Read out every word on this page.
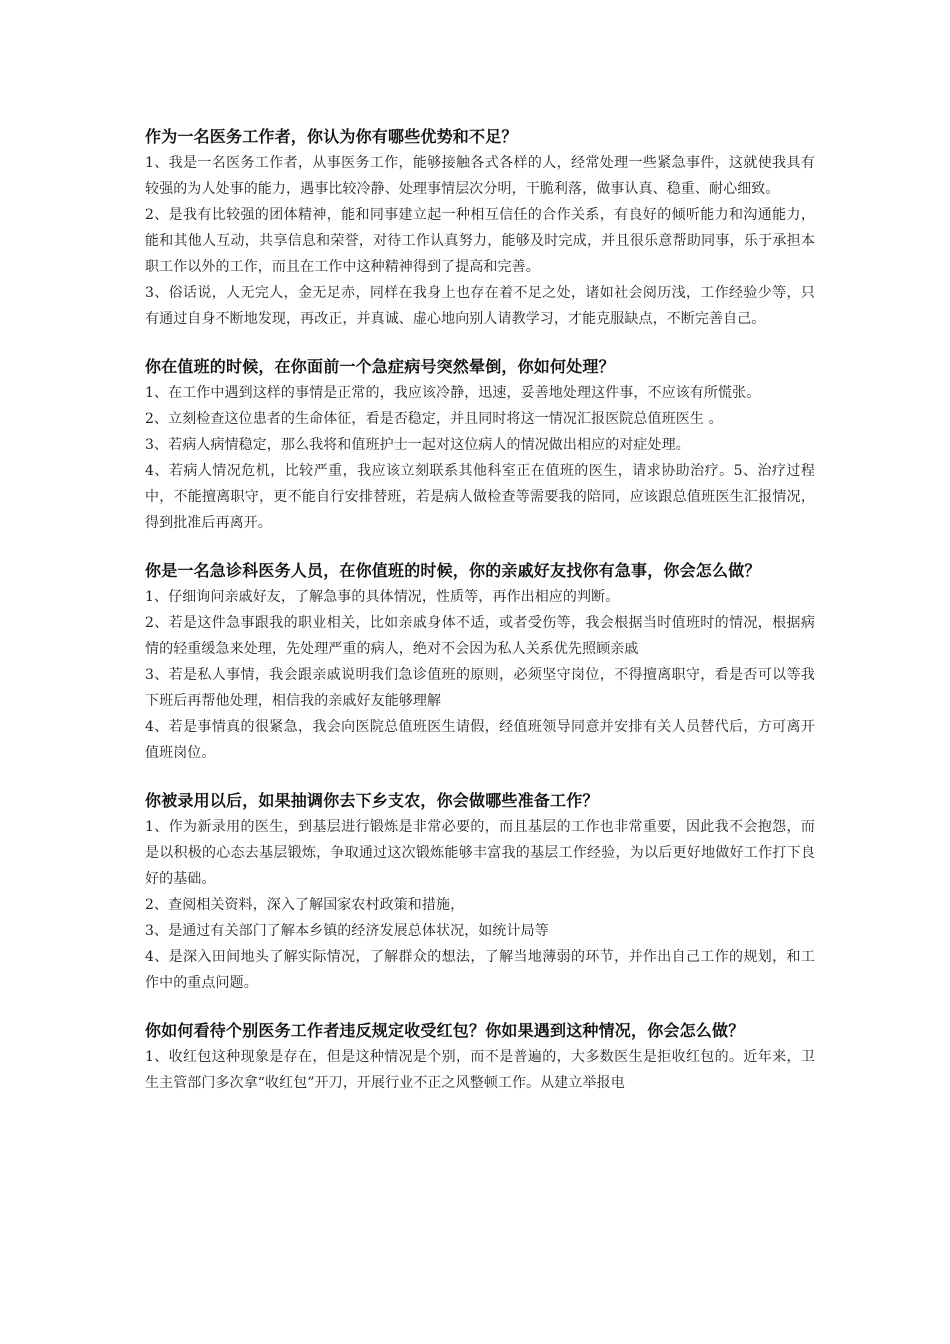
作为一名医务工作者，你认为你有哪些优势和不足？

1、我是一名医务工作者，从事医务工作，能够接触各式各样的人，经常处理一些紧急事件，这就使我具有较强的为人处事的能力，遇事比较冷静、处理事情层次分明，干脆利落，做事认真、稳重、耐心细致。

2、是我有比较强的团体精神，能和同事建立起一种相互信任的合作关系，有良好的倾听能力和沟通能力，能和其他人互动，共享信息和荣誉，对待工作认真努力，能够及时完成，并且很乐意帮助同事，乐于承担本职工作以外的工作，而且在工作中这种精神得到了提高和完善。

3、俗话说，人无完人，金无足赤，同样在我身上也存在着不足之处，诸如社会阅历浅，工作经验少等，只有通过自身不断地发现，再改正，并真诚、虚心地向别人请教学习，才能克服缺点，不断完善自己。

你在值班的时候，在你面前一个急症病号突然晕倒，你如何处理？

1、在工作中遇到这样的事情是正常的，我应该冷静，迅速，妥善地处理这件事，不应该有所慌张。

2、立刻检查这位患者的生命体征，看是否稳定，并且同时将这一情况汇报医院总值班医生 。

3、若病人病情稳定，那么我将和值班护士一起对这位病人的情况做出相应的对症处理。

4、若病人情况危机，比较严重，我应该立刻联系其他科室正在值班的医生，请求协助治疗。5、治疗过程中，不能擅离职守，更不能自行安排替班，若是病人做检查等需要我的陪同，应该跟总值班医生汇报情况，得到批准后再离开。

你是一名急诊科医务人员，在你值班的时候，你的亲戚好友找你有急事，你会怎么做？

1、仔细询问亲戚好友，了解急事的具体情况，性质等，再作出相应的判断。

2、若是这件急事跟我的职业相关，比如亲戚身体不适，或者受伤等，我会根据当时值班时的情况，根据病情的轻重缓急来处理，先处理严重的病人，绝对不会因为私人关系优先照顾亲戚

3、若是私人事情，我会跟亲戚说明我们急诊值班的原则，必须坚守岗位，不得擅离职守，看是否可以等我下班后再帮他处理，相信我的亲戚好友能够理解

4、若是事情真的很紧急，我会向医院总值班医生请假，经值班领导同意并安排有关人员替代后，方可离开值班岗位。

你被录用以后，如果抽调你去下乡支农，你会做哪些准备工作？

1、作为新录用的医生，到基层进行锻炼是非常必要的，而且基层的工作也非常重要，因此我不会抱怨，而是以积极的心态去基层锻炼，争取通过这次锻炼能够丰富我的基层工作经验，为以后更好地做好工作打下良好的基础。

2、查阅相关资料，深入了解国家农村政策和措施，

3、是通过有关部门了解本乡镇的经济发展总体状况，如统计局等

4、是深入田间地头了解实际情况，了解群众的想法，了解当地薄弱的环节，并作出自己工作的规划，和工作中的重点问题。

你如何看待个别医务工作者违反规定收受红包？你如果遇到这种情况，你会怎么做？

1、收红包这种现象是存在，但是这种情况是个别，而不是普遍的，大多数医生是拒收红包的。近年来，卫生主管部门多次拿“收红包”开刀，开展行业不正之风整顿工作。从建立举报电
